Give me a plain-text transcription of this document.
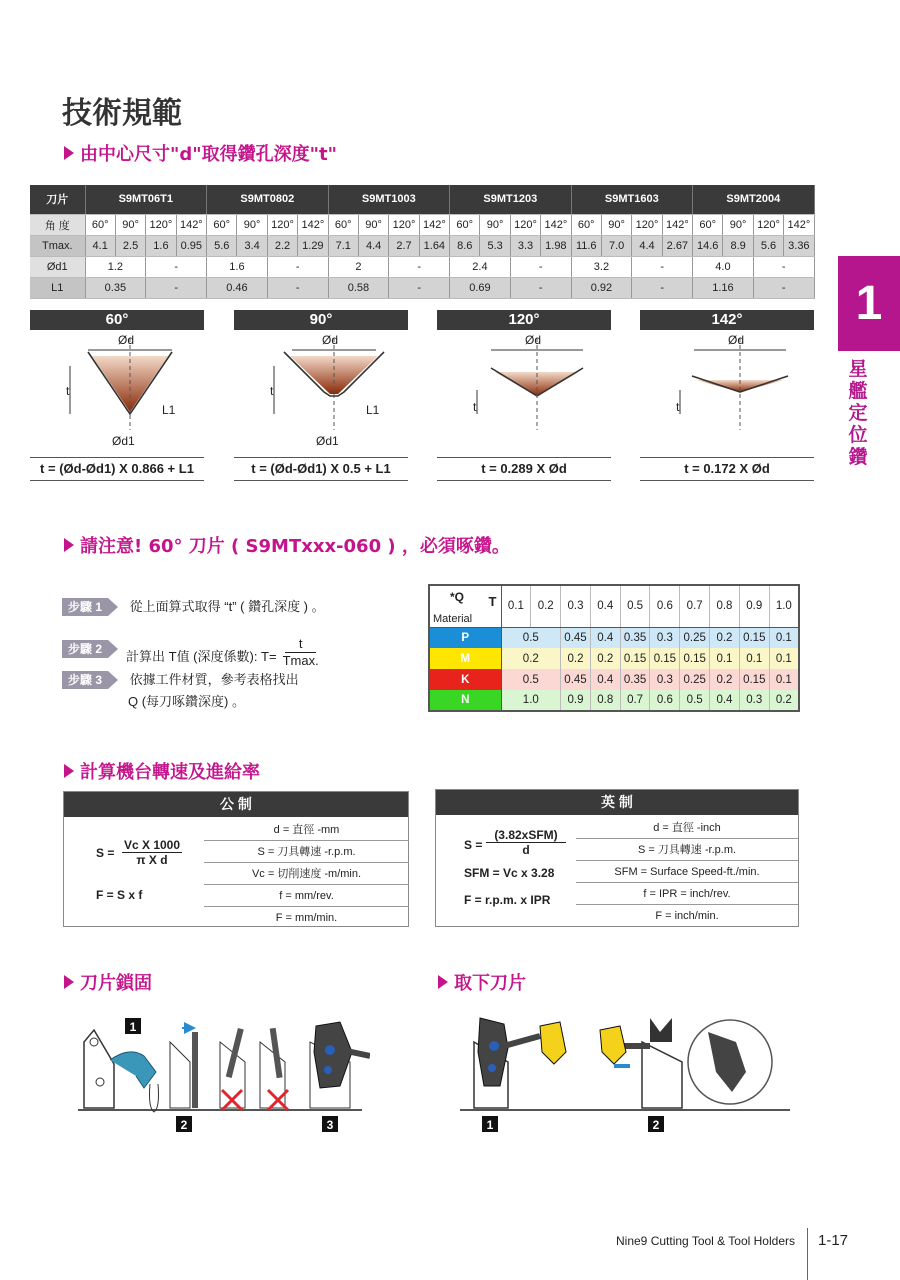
技術規範
由中心尺寸"d"取得鑽孔深度"t"
刀片	S9MT06T1				S9MT0802				S9MT1003				S9MT1203				S9MT1603				S9MT2004			
角 度	60°	90°	120°	142°	60°	90°	120°	142°	60°	90°	120°	142°	60°	90°	120°	142°	60°	90°	120°	142°	60°	90°	120°	142°
Tmax.	4.1	2.5	1.6	0.95	5.6	3.4	2.2	1.29	7.1	4.4	2.7	1.64	8.6	5.3	3.3	1.98	11.6	7.0	4.4	2.67	14.6	8.9	5.6	3.36
Ød1	1.2		-		1.6		-		2		-		2.4		-		3.2		-		4.0		-	
L1	0.35		-		0.46		-		0.58		-		0.69		-		0.92		-		1.16		-		1
星艦定位鑽
60°
Ød
t
L1
Ød1
t = (Ød-Ød1) X 0.866 + L1
90°
Ød
t
L1
Ød1
t = (Ød-Ød1) X 0.5 + L1
120°
Ød
t
t = 0.289 X Ød
142°
Ød
t
t = 0.172 X Ød
請注意! 60° 刀片 ( S9MTxxx-060 ) ，必須啄鑽。
步驟 1 從上面算式取得 “t” ( 鑽孔深度 ) 。
步驟 2	計算出 T值 (深度係數): T=
t
Tmax.
步驟 3 依據工件材質，參考表格找出
Q (每刀啄鑽深度) 。
*Q T
Material	0.1	0.2	0.3	0.4	0.5	0.6	0.7	0.8	0.9	1.0
P	0.5		0.45	0.4	0.35	0.3	0.25	0.2	0.15	0.1
M	0.2		0.2	0.2	0.15	0.15	0.15	0.1	0.1	0.1
K	0.5		0.45	0.4	0.35	0.3	0.25	0.2	0.15	0.1
N	1.0		0.9	0.8	0.7	0.6	0.5	0.4	0.3	0.2
計算機台轉速及進給率
公 制
S =
Vc X 1000
π X d
F = S x f
d = 直徑 -mm
S = 刀具轉速 -r.p.m.
Vc = 切削速度 -m/min.
f = mm/rev.
F = mm/min.
英 制
S =
(3.82xSFM)
d
SFM = Vc x 3.28
F = r.p.m. x IPR
d = 直徑 -inch
S = 刀具轉速 -r.p.m.
SFM = Surface Speed-ft./min.
f = IPR = inch/rev.
F = inch/min.
刀片鎖固	取下刀片
1
2	3	1	2
Nine9 Cutting Tool & Tool Holders 1-17
